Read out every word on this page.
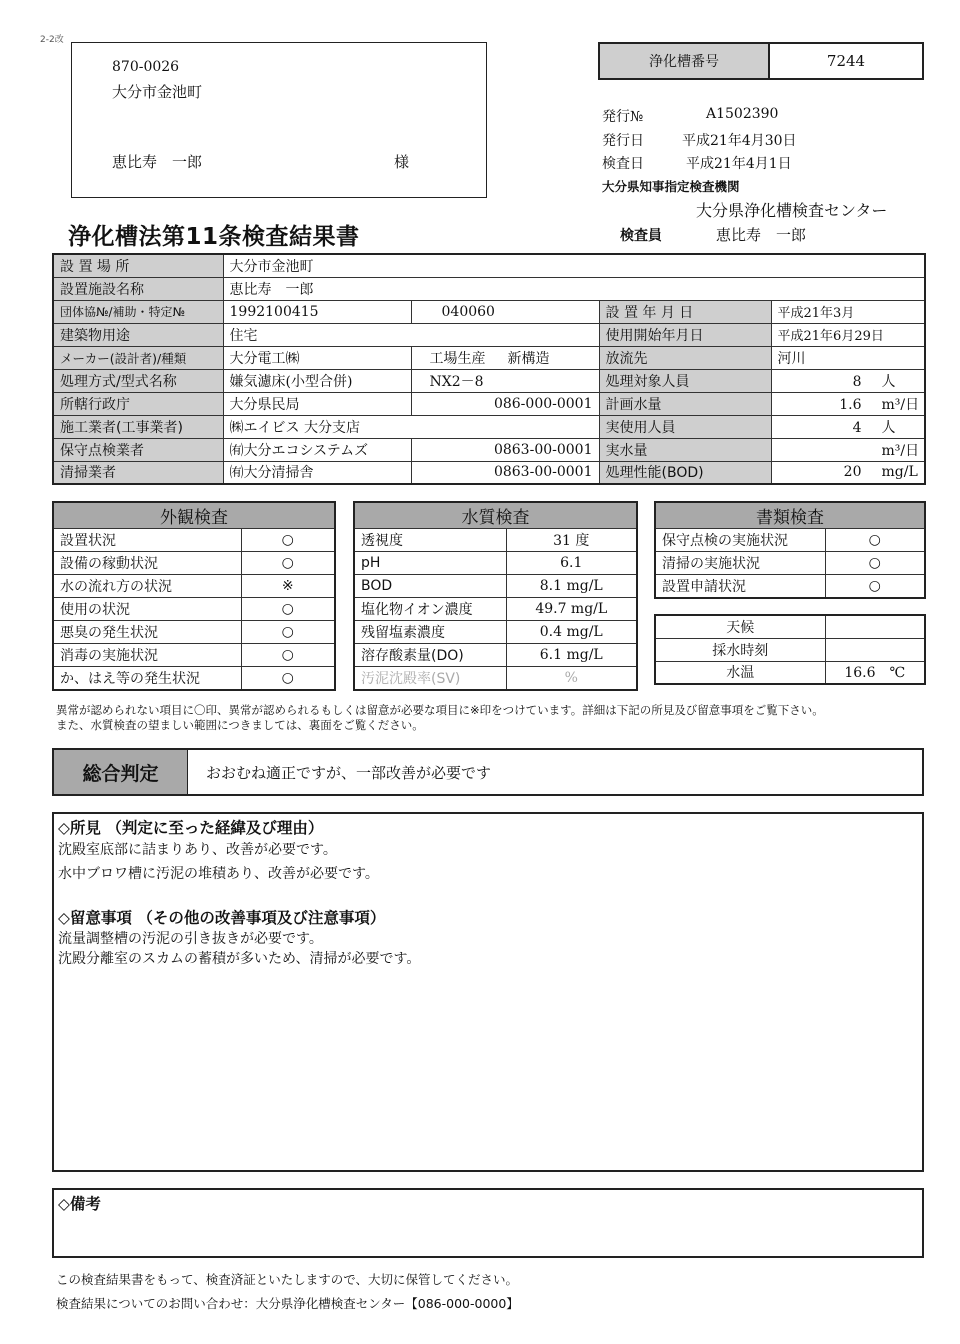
2-2改
870-0026
大分市金池町
恵比寿　一郎	様
浄化槽番号	7244
発行№	A1502390
発行日	平成21年4月30日
検査日	平成21年4月1日
大分県知事指定検査機関
大分県浄化槽検査センター
検査員	恵比寿　一郎
浄化槽法第11条検査結果書
設 置 場 所	大分市金池町			
設置施設名称	恵比寿　一郎			
団体協№/補助・特定№	1992100415	040060	設 置 年 月 日	平成21年3月
建築物用途	住宅		使用開始年月日	平成21年6月29日
メーカー(設計者)/種類	大分電工㈱	工場生産 新構造	放流先	河川
処理方式/型式名称	嫌気濾床(小型合併)	NX2－8	処理対象人員	8 人
所轄行政庁	大分県民局	086-000-0001	計画水量	1.6 m³/日
施工業者(工事業者)	㈱エイビス 大分支店		実使用人員	4 人
保守点検業者	㈲大分エコシステムズ	0863-00-0001	実水量	m³/日
清掃業者	㈲大分清掃舎	0863-00-0001	処理性能(BOD)	20 mg/L
外観検査	
設置状況	○
設備の稼動状況	○
水の流れ方の状況	※
使用の状況	○
悪臭の発生状況	○
消毒の実施状況	○
か、はえ等の発生状況	○
水質検査	
透視度	31 度
pH	6.1
BOD	8.1 mg/L
塩化物イオン濃度	49.7 mg/L
残留塩素濃度	0.4 mg/L
溶存酸素量(DO)	6.1 mg/L
汚泥沈殿率(SV)	%
書類検査	
保守点検の実施状況	○
清掃の実施状況	○
設置申請状況	○
天候	
採水時刻	
水温	16.6　℃
異常が認められない項目に〇印、異常が認められるもしくは留意が必要な項目に※印をつけています。詳細は下記の所見及び留意事項をご覧下さい。
また、水質検査の望ましい範囲につきましては、裏面をご覧ください。
総合判定	おおむね適正ですが、一部改善が必要です
◇所見 （判定に至った経緯及び理由）
沈殿室底部に詰まりあり、改善が必要です。
水中ブロワ槽に汚泥の堆積あり、改善が必要です。
◇留意事項 （その他の改善事項及び注意事項）
流量調整槽の汚泥の引き抜きが必要です。
沈殿分離室のスカムの蓄積が多いため、清掃が必要です。
◇備考
この検査結果書をもって、検査済証といたしますので、大切に保管してください。
検査結果についてのお問い合わせ：大分県浄化槽検査センター【086-000-0000】
